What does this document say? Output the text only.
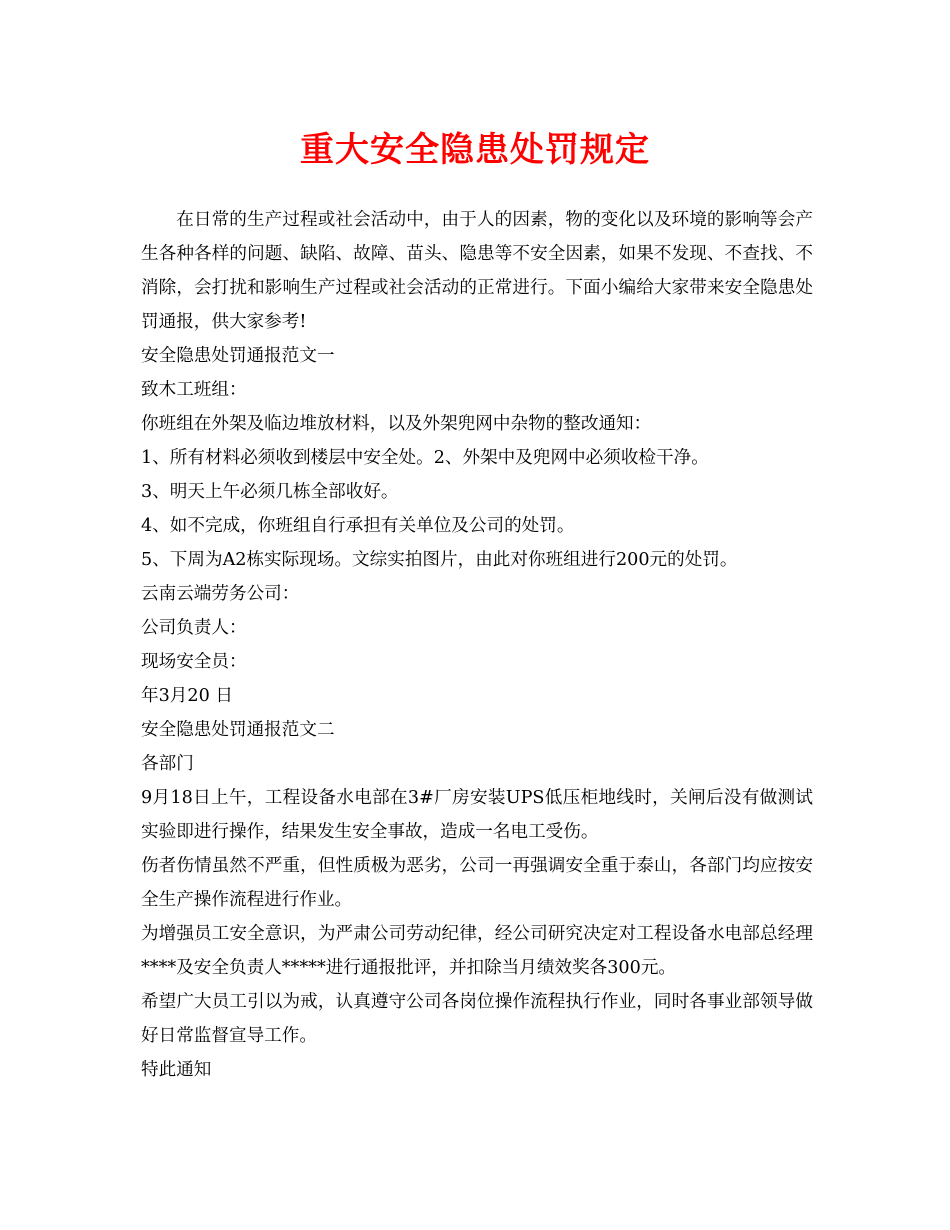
重大安全隐患处罚规定

在日常的生产过程或社会活动中，由于人的因素，物的变化以及环境的影响等会产生各种各样的问题、缺陷、故障、苗头、隐患等不安全因素，如果不发现、不查找、不消除，会打扰和影响生产过程或社会活动的正常进行。下面小编给大家带来安全隐患处罚通报，供大家参考!

安全隐患处罚通报范文一

致木工班组：

你班组在外架及临边堆放材料，以及外架兜网中杂物的整改通知：

1、所有材料必须收到楼层中安全处。2、外架中及兜网中必须收检干净。

3、明天上午必须几栋全部收好。

4、如不完成，你班组自行承担有关单位及公司的处罚。

5、下周为A2栋实际现场。文综实拍图片，由此对你班组进行200元的处罚。

云南云端劳务公司：

公司负责人：

现场安全员：

年3月20 日

安全隐患处罚通报范文二

各部门

9月18日上午，工程设备水电部在3#厂房安装UPS低压柜地线时，关闸后没有做测试实验即进行操作，结果发生安全事故，造成一名电工受伤。

伤者伤情虽然不严重，但性质极为恶劣，公司一再强调安全重于泰山，各部门均应按安全生产操作流程进行作业。

为增强员工安全意识，为严肃公司劳动纪律，经公司研究决定对工程设备水电部总经理****及安全负责人*****进行通报批评，并扣除当月绩效奖各300元。

希望广大员工引以为戒，认真遵守公司各岗位操作流程执行作业，同时各事业部领导做好日常监督宣导工作。

特此通知
